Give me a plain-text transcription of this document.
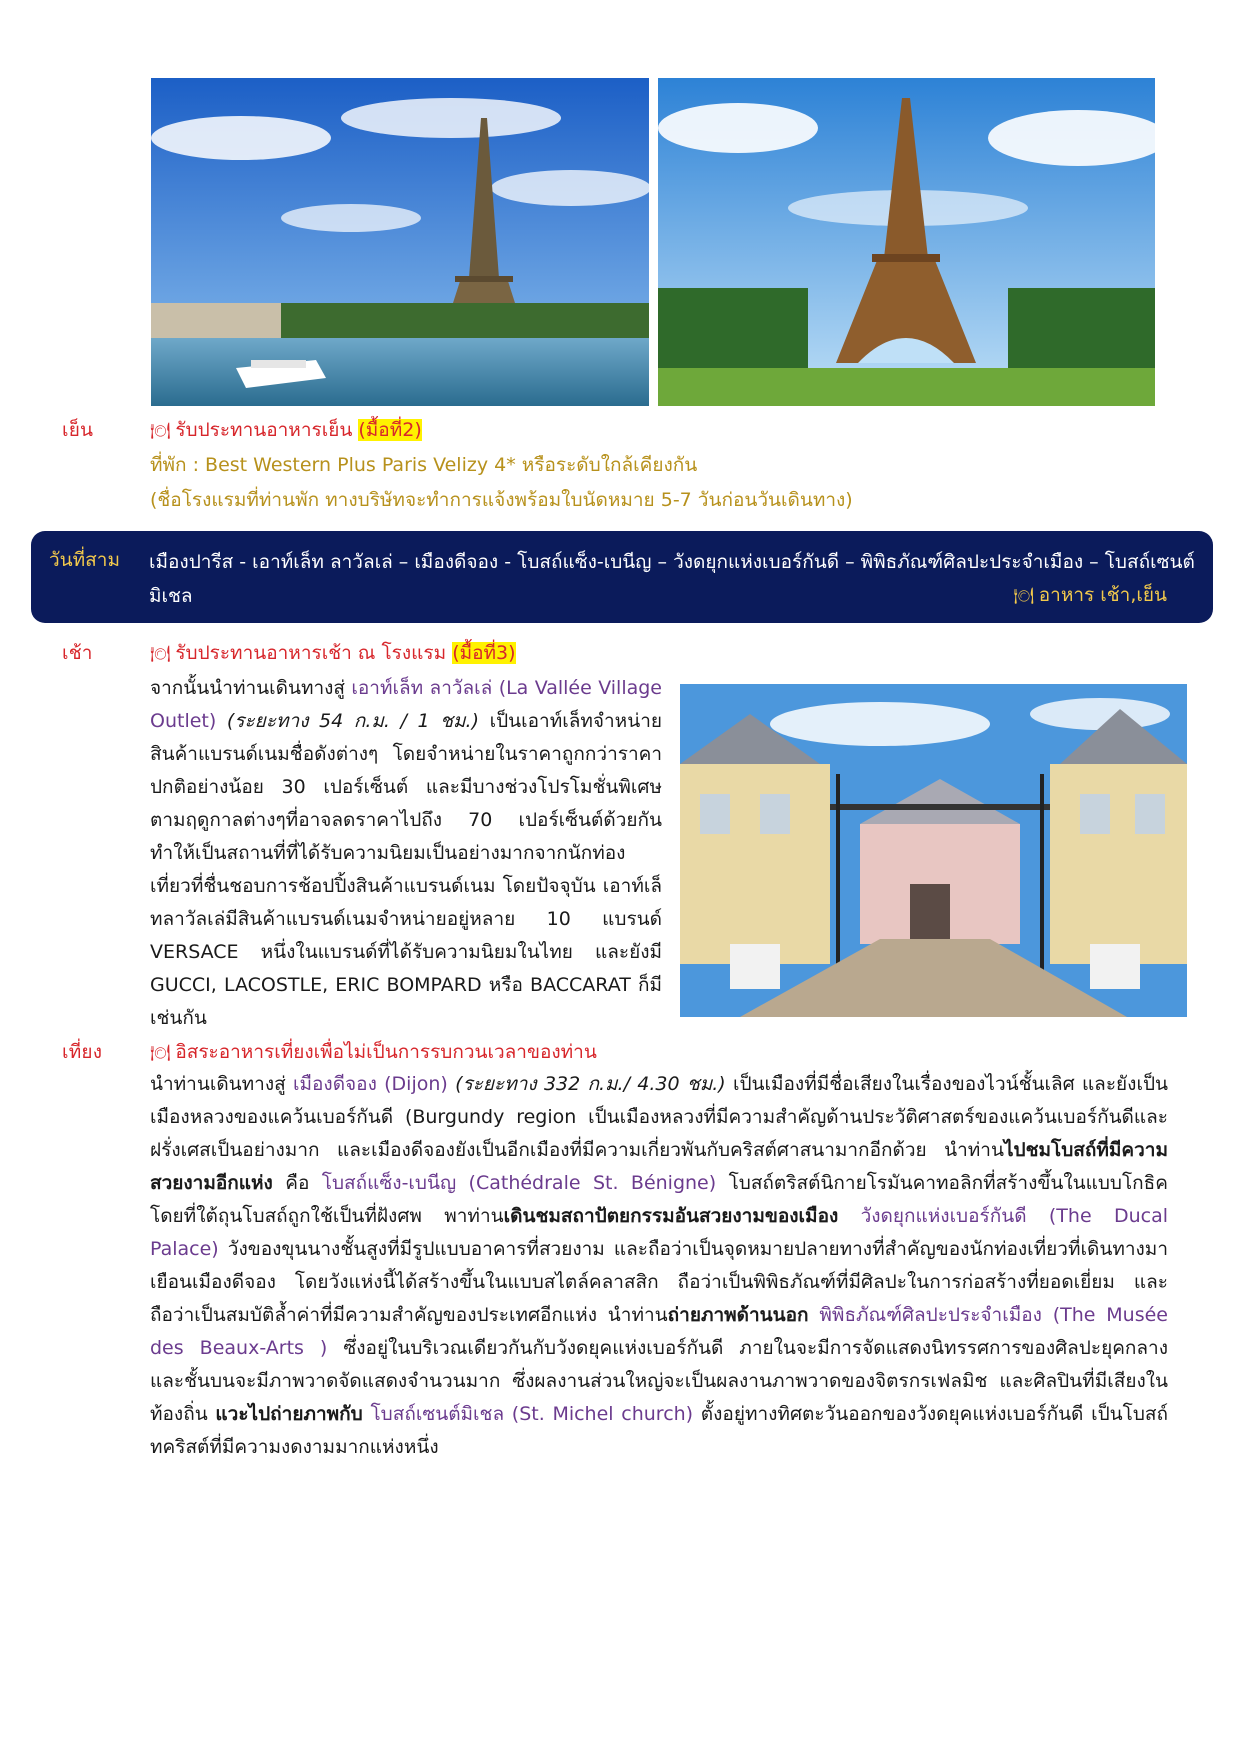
เย็น	🍽 รับประทานอาหารเย็น (มื้อที่2)
ที่พัก : Best Western Plus Paris Velizy 4* หรือระดับใกล้เคียงกัน
(ชื่อโรงแรมที่ท่านพัก ทางบริษัทจะทำการแจ้งพร้อมใบนัดหมาย 5-7 วันก่อนวันเดินทาง)
วันที่สาม เมืองปารีส - เอาท์เล็ท ลาวัลเล่ – เมืองดีจอง - โบสถ์แซ็ง-เบนีญ – วังดยุกแห่งเบอร์กันดี – พิพิธภัณฑ์ศิลปะประจำเมือง – โบสถ์เซนต์มิเชล	🍽 อาหาร เช้า,เย็น
เช้า	🍽 รับประทานอาหารเช้า ณ โรงแรม (มื้อที่3)
จากนั้นนำท่านเดินทางสู่ เอาท์เล็ท ลาวัลเล่ (La Vallée Village Outlet) (ระยะทาง 54 ก.ม. / 1 ชม.) เป็นเอาท์เล็ทจำหน่ายสินค้าแบรนด์เนมชื่อดังต่างๆ โดยจำหน่ายในราคาถูกกว่าราคาปกติอย่างน้อย 30 เปอร์เซ็นต์ และมีบางช่วงโปรโมชั่นพิเศษตามฤดูกาลต่างๆที่อาจลดราคาไปถึง 70 เปอร์เซ็นต์ด้วยกัน ทำให้เป็นสถานที่ที่ได้รับความนิยมเป็นอย่างมากจากนักท่องเที่ยวที่ชื่นชอบการช้อปปิ้งสินค้าแบรนด์เนม โดยปัจจุบัน เอาท์เล็ทลาวัลเล่มีสินค้าแบรนด์เนมจำหน่ายอยู่หลาย 10 แบรนด์ VERSACE หนึ่งในแบรนด์ที่ได้รับความนิยมในไทย และยังมี GUCCI, LACOSTLE, ERIC BOMPARD หรือ BACCARAT ก็มีเช่นกัน
เที่ยง	🍽 อิสระอาหารเที่ยงเพื่อไม่เป็นการรบกวนเวลาของท่าน
นำท่านเดินทางสู่ เมืองดีจอง (Dijon) (ระยะทาง 332 ก.ม./ 4.30 ชม.) เป็นเมืองที่มีชื่อเสียงในเรื่องของไวน์ชั้นเลิศ และยังเป็นเมืองหลวงของแคว้นเบอร์กันดี (Burgundy region เป็นเมืองหลวงที่มีความสำคัญด้านประวัติศาสตร์ของแคว้นเบอร์กันดีและฝรั่งเศสเป็นอย่างมาก และเมืองดีจองยังเป็นอีกเมืองที่มีความเกี่ยวพันกับคริสต์ศาสนามากอีกด้วย นำท่านไปชมโบสถ์ที่มีความสวยงามอีกแห่ง คือ โบสถ์แซ็ง-เบนีญ (Cathédrale St. Bénigne) โบสถ์ตริสต์นิกายโรมันคาทอลิกที่สร้างขึ้นในแบบโกธิค โดยที่ใต้ถุนโบสถ์ถูกใช้เป็นที่ฝังศพ พาท่านเดินชมสถาปัตยกรรมอันสวยงามของเมือง วังดยุกแห่งเบอร์กันดี (The Ducal Palace) วังของขุนนางชั้นสูงที่มีรูปแบบอาคารที่สวยงาม และถือว่าเป็นจุดหมายปลายทางที่สำคัญของนักท่องเที่ยวที่เดินทางมาเยือนเมืองดีจอง โดยวังแห่งนี้ได้สร้างขึ้นในแบบสไตล์คลาสสิก ถือว่าเป็นพิพิธภัณฑ์ที่มีศิลปะในการก่อสร้างที่ยอดเยี่ยม และถือว่าเป็นสมบัติล้ำค่าที่มีความสำคัญของประเทศอีกแห่ง นำท่านถ่ายภาพด้านนอก พิพิธภัณฑ์ศิลปะประจำเมือง (The Musée des Beaux-Arts ) ซึ่งอยู่ในบริเวณเดียวกันกับวังดยุคแห่งเบอร์กันดี ภายในจะมีการจัดแสดงนิทรรศการของศิลปะยุคกลาง และชั้นบนจะมีภาพวาดจัดแสดงจำนวนมาก ซึ่งผลงานส่วนใหญ่จะเป็นผลงานภาพวาดของจิตรกรเฟลมิช และศิลปินที่มีเสียงในท้องถิ่น แวะไปถ่ายภาพกับ โบสถ์เซนต์มิเชล (St. Michel church) ตั้งอยู่ทางทิศตะวันออกของวังดยุคแห่งเบอร์กันดี เป็นโบสถ์ทคริสต์ที่มีความงดงามมากแห่งหนึ่ง
